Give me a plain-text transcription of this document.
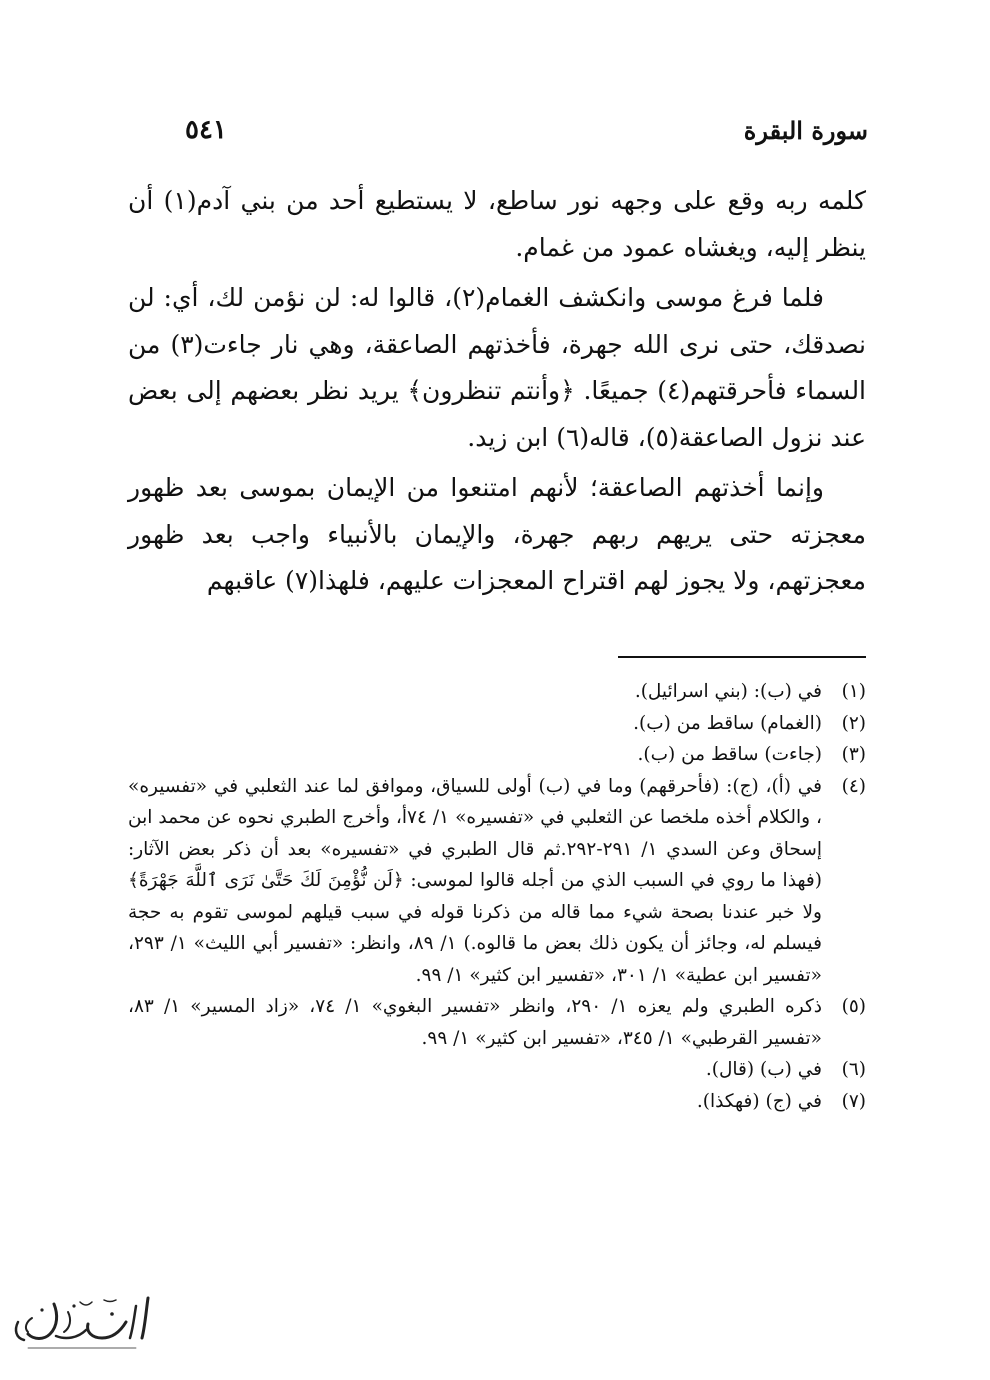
سورة البقرة
٥٤١

كلمه ربه وقع على وجهه نور ساطع، لا يستطيع أحد من بني آدم(١) أن ينظر إليه، ويغشاه عمود من غمام.

فلما فرغ موسى وانكشف الغمام(٢)، قالوا له: لن نؤمن لك، أي: لن نصدقك، حتى نرى الله جهرة، فأخذتهم الصاعقة، وهي نار جاءت(٣) من السماء فأحرقتهم(٤) جميعًا. ﴿وأنتم تنظرون﴾ يريد نظر بعضهم إلى بعض عند نزول الصاعقة(٥)، قاله(٦) ابن زيد.

وإنما أخذتهم الصاعقة؛ لأنهم امتنعوا من الإيمان بموسى بعد ظهور معجزته حتى يريهم ربهم جهرة، والإيمان بالأنبياء واجب بعد ظهور معجزتهم، ولا يجوز لهم اقتراح المعجزات عليهم، فلهذا(٧) عاقبهم

(١)
في (ب): (بني اسرائيل).
(٢)
(الغمام) ساقط من (ب).
(٣)
(جاءت) ساقط من (ب).
(٤)
في (أ)، (ج): (فأحرقهم) وما في (ب) أولى للسياق، وموافق لما عند الثعلبي في «تفسيره» ، والكلام أخذه ملخصا عن الثعلبي في «تفسيره» ١/ ٧٤أ، وأخرج الطبري نحوه عن محمد ابن إسحاق وعن السدي ١/ ٢٩١-٢٩٢.ثم قال الطبري في «تفسيره» بعد أن ذكر بعض الآثار: (فهذا ما روي في السبب الذي من أجله قالوا لموسى: ﴿لَن نُّؤْمِنَ لَكَ حَتَّىٰ نَرَى ٱللَّهَ جَهْرَةً﴾ ولا خبر عندنا بصحة شيء مما قاله من ذكرنا قوله في سبب قيلهم لموسى تقوم به حجة فيسلم له، وجائز أن يكون ذلك بعض ما قالوه.) ١/ ٨٩، وانظر: «تفسير أبي الليث» ١/ ٢٩٣، «تفسير ابن عطية» ١/ ٣٠١، «تفسير ابن كثير» ١/ ٩٩.
(٥)
ذكره الطبري ولم يعزه ١/ ٢٩٠، وانظر «تفسير البغوي» ١/ ٧٤، «زاد المسير» ١/ ٨٣، «تفسير القرطبي» ١/ ٣٤٥، «تفسير ابن كثير» ١/ ٩٩.
(٦)
في (ب) (قال).
(٧)
في (ج) (فهكذا).
